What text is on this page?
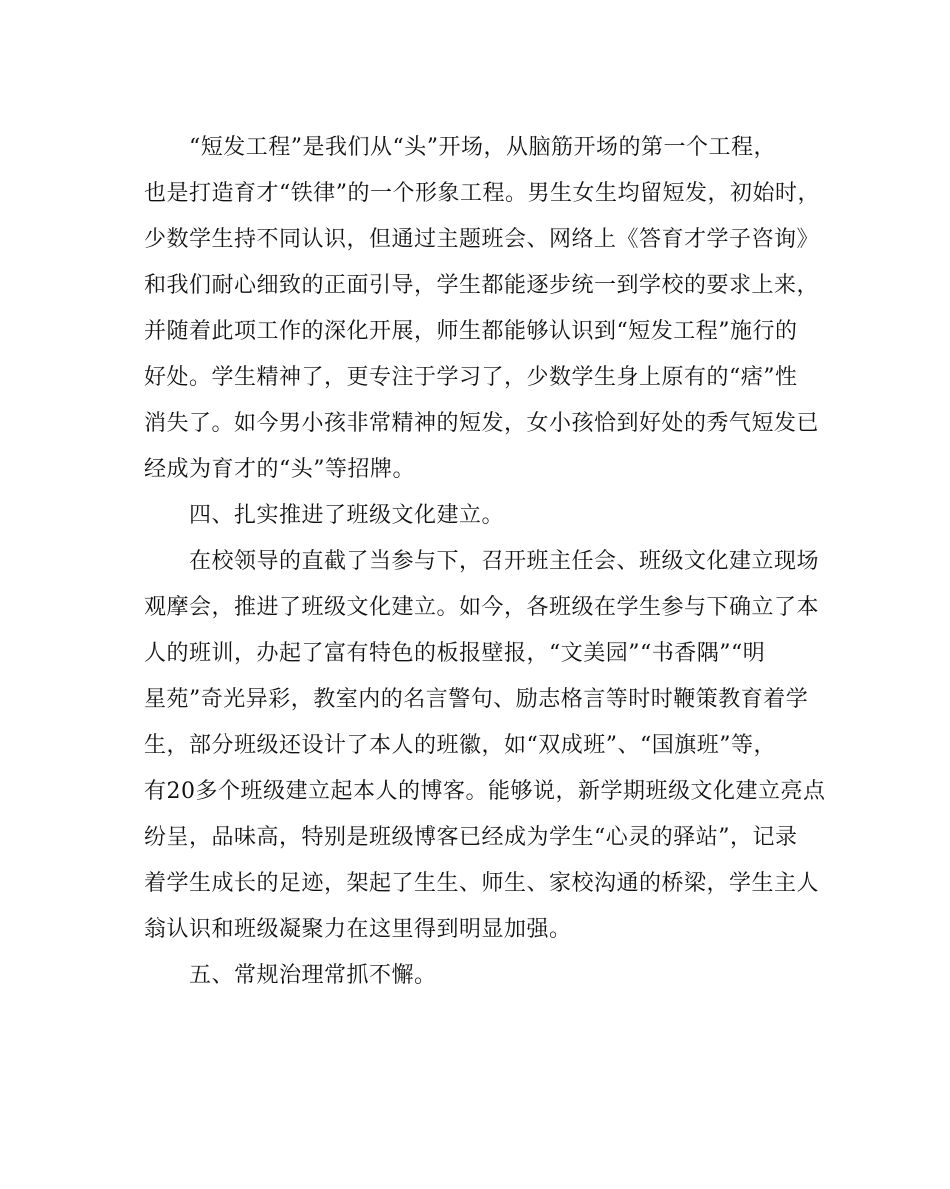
　　“短发工程”是我们从“头”开场，从脑筋开场的第一个工程，
也是打造育才“铁律”的一个形象工程。男生女生均留短发，初始时，
少数学生持不同认识，但通过主题班会、网络上《答育才学子咨询》
和我们耐心细致的正面引导，学生都能逐步统一到学校的要求上来，
并随着此项工作的深化开展，师生都能够认识到“短发工程”施行的
好处。学生精神了，更专注于学习了，少数学生身上原有的“痞”性
消失了。如今男小孩非常精神的短发，女小孩恰到好处的秀气短发已
经成为育才的“头”等招牌。
　　四、扎实推进了班级文化建立。
　　在校领导的直截了当参与下，召开班主任会、班级文化建立现场
观摩会，推进了班级文化建立。如今，各班级在学生参与下确立了本
人的班训，办起了富有特色的板报壁报，“文美园”“书香隅”“明
星苑”奇光异彩，教室内的名言警句、励志格言等时时鞭策教育着学
生，部分班级还设计了本人的班徽，如“双成班”、“国旗班”等，
有20多个班级建立起本人的博客。能够说，新学期班级文化建立亮点
纷呈，品味高，特别是班级博客已经成为学生“心灵的驿站”，记录
着学生成长的足迹，架起了生生、师生、家校沟通的桥梁，学生主人
翁认识和班级凝聚力在这里得到明显加强。
　　五、常规治理常抓不懈。
